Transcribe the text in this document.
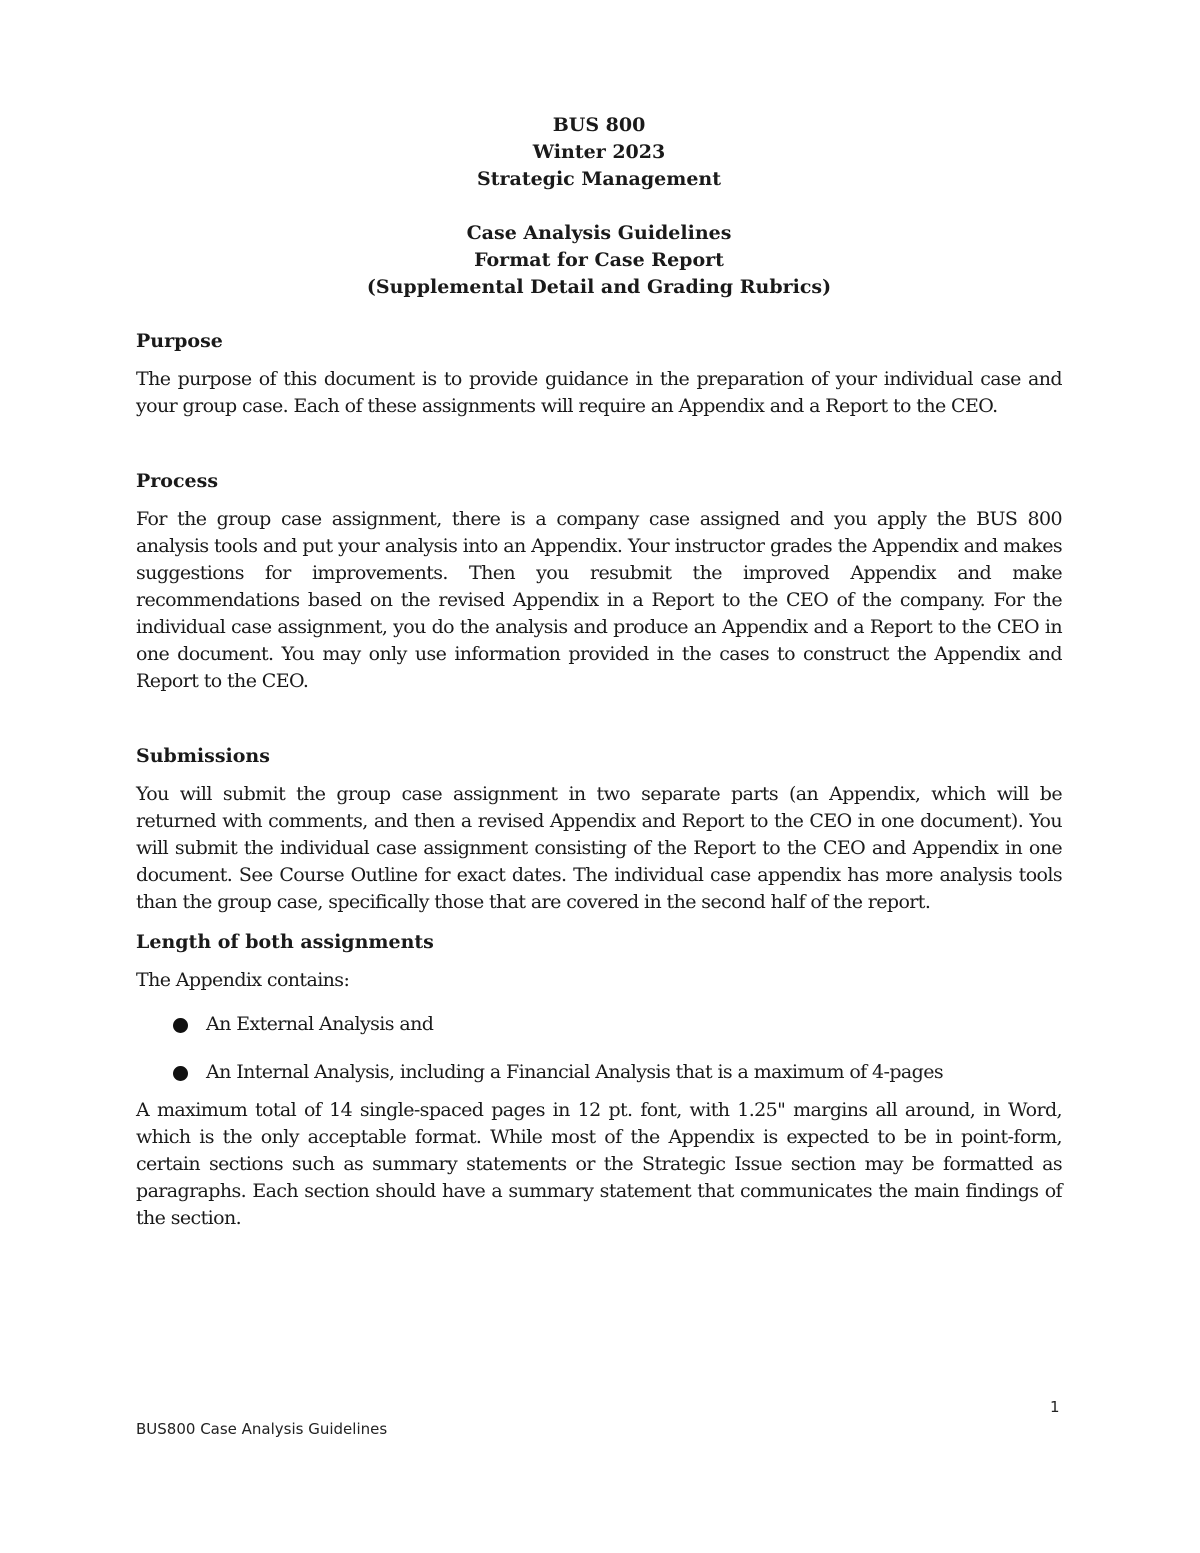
BUS 800
Winter 2023
Strategic Management
Case Analysis Guidelines
Format for Case Report
(Supplemental Detail and Grading Rubrics)
Purpose

The purpose of this document is to provide guidance in the preparation of your individual case and your group case. Each of these assignments will require an Appendix and a Report to the CEO.

Process

For the group case assignment, there is a company case assigned and you apply the BUS 800 analysis tools and put your analysis into an Appendix. Your instructor grades the Appendix and makes suggestions for improvements. Then you resubmit the improved Appendix and make recommendations based on the revised Appendix in a Report to the CEO of the company. For the individual case assignment, you do the analysis and produce an Appendix and a Report to the CEO in one document. You may only use information provided in the cases to construct the Appendix and Report to the CEO.

Submissions

You will submit the group case assignment in two separate parts (an Appendix, which will be returned with comments, and then a revised Appendix and Report to the CEO in one document). You will submit the individual case assignment consisting of the Report to the CEO and Appendix in one document. See Course Outline for exact dates. The individual case appendix has more analysis tools than the group case, specifically those that are covered in the second half of the report.

Length of both assignments

The Appendix contains:

An External Analysis and
An Internal Analysis, including a Financial Analysis that is a maximum of 4-pages

A maximum total of 14 single-spaced pages in 12 pt. font, with 1.25" margins all around, in Word, which is the only acceptable format. While most of the Appendix is expected to be in point-form, certain sections such as summary statements or the Strategic Issue section may be formatted as paragraphs. Each section should have a summary statement that communicates the main findings of the section.

1
BUS800 Case Analysis Guidelines
